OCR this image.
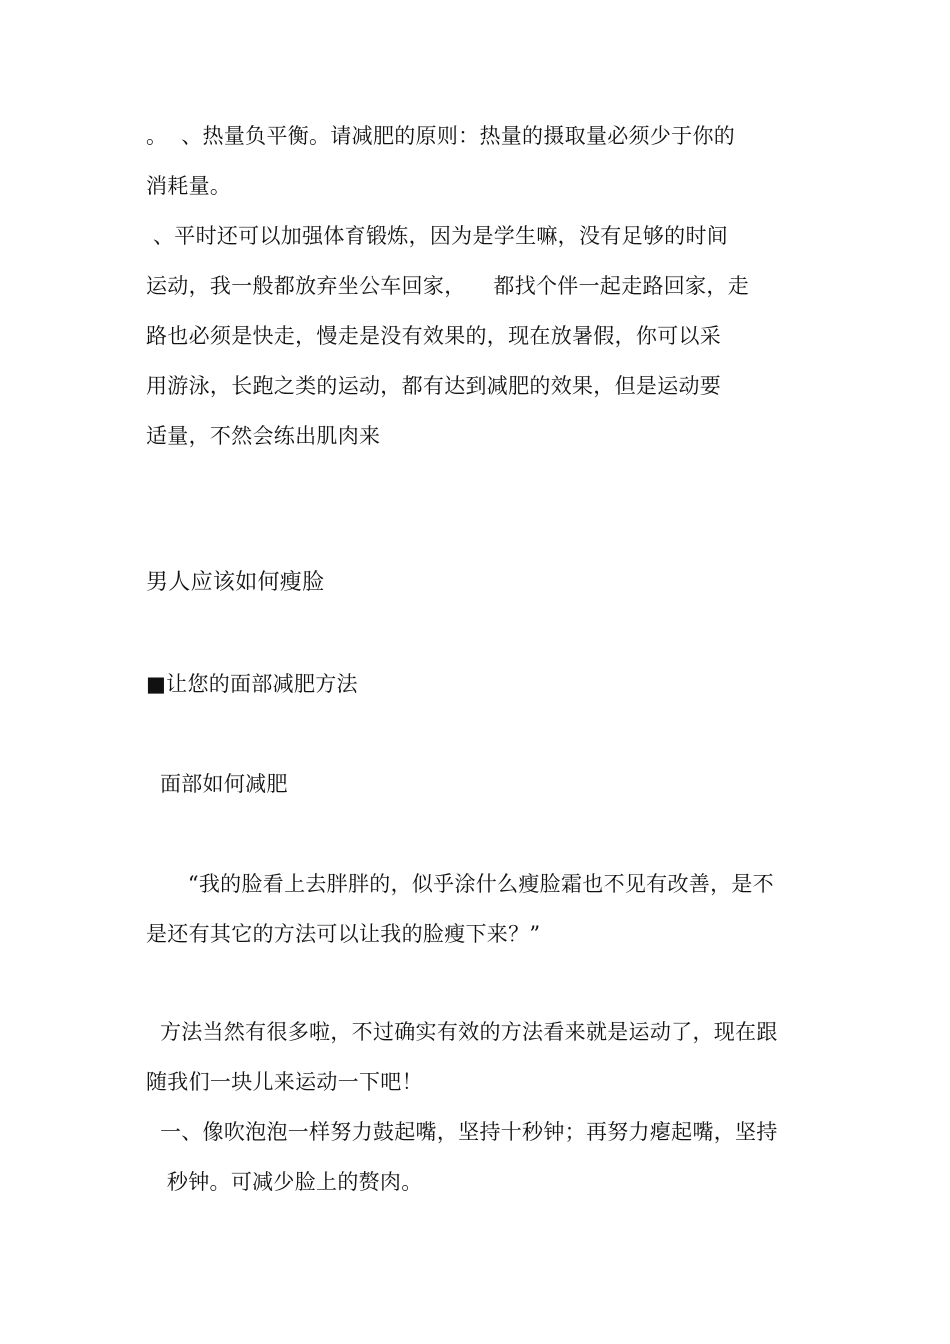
。  、热量负平衡。请减肥的原则：热量的摄取量必须少于你的
消耗量。
、平时还可以加强体育锻炼，因为是学生嘛，没有足够的时间
运动，我一般都放弃坐公车回家，    都找个伴一起走路回家，走
路也必须是快走，慢走是没有效果的，现在放暑假，你可以采
用游泳，长跑之类的运动，都有达到减肥的效果，但是运动要
适量，不然会练出肌肉来
男人应该如何瘦脸
■让您的面部减肥方法
面部如何减肥
“我的脸看上去胖胖的，似乎涂什么瘦脸霜也不见有改善，是不
是还有其它的方法可以让我的脸瘦下来？”
方法当然有很多啦，不过确实有效的方法看来就是运动了，现在跟
随我们一块儿来运动一下吧！
一、像吹泡泡一样努力鼓起嘴，坚持十秒钟；再努力瘪起嘴，坚持
秒钟。可减少脸上的赘肉。
